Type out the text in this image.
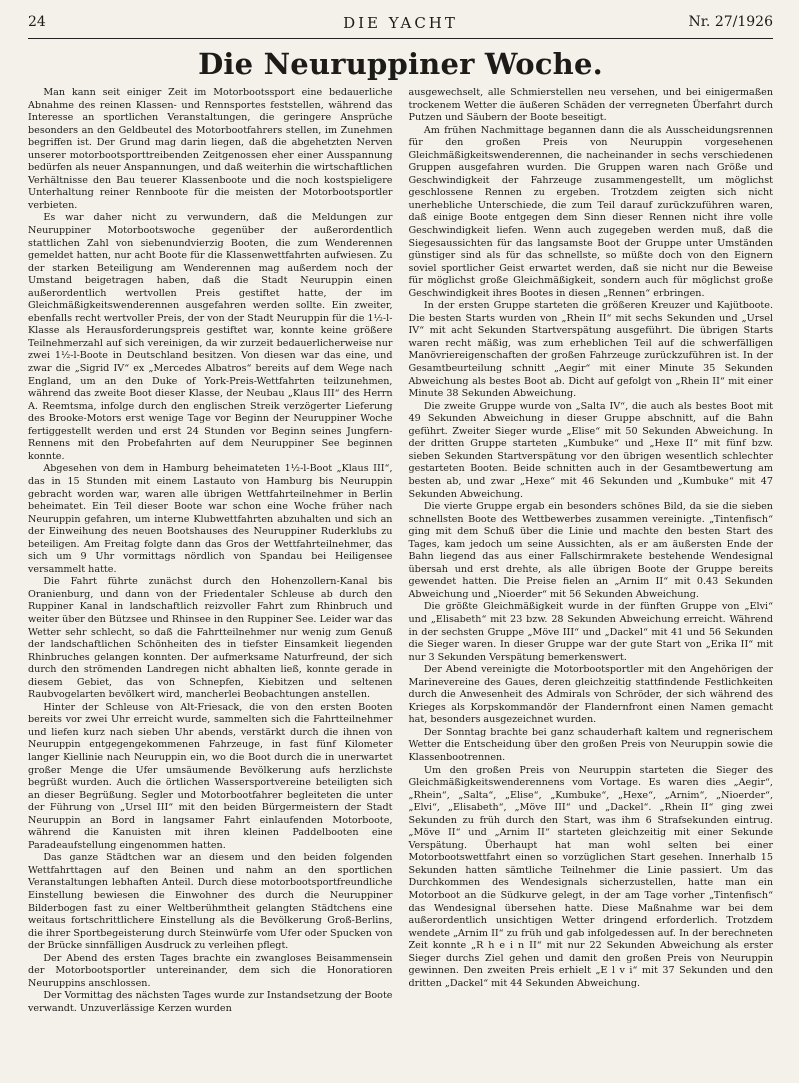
24	DIE YACHT	Nr. 27/1926
Die Neuruppiner Woche.

Man kann seit einiger Zeit im Motorbootssport eine bedauerliche Abnahme des reinen Klassen- und Rennsportes feststellen, während das Interesse an sportlichen Veranstaltungen, die geringere Ansprüche besonders an den Geldbeutel des Motorbootfahrers stellen, im Zunehmen begriffen ist. Der Grund mag darin liegen, daß die abgehetzten Nerven unserer motorbootsporttreibenden Zeitgenossen eher einer Ausspannung bedürfen als neuer Anspannungen, und daß weiterhin die wirtschaftlichen Verhältnisse den Bau teuerer Klassenboote und die noch kostspieligere Unterhaltung reiner Rennboote für die meisten der Motorbootsportler verbieten.

Es war daher nicht zu verwundern, daß die Meldungen zur Neuruppiner Motorbootswoche gegenüber der außerordentlich stattlichen Zahl von siebenundvierzig Booten, die zum Wenderennen gemeldet hatten, nur acht Boote für die Klassenwettfahrten aufwiesen. Zu der starken Beteiligung am Wenderennen mag außerdem noch der Umstand beigetragen haben, daß die Stadt Neuruppin einen außerordentlich wertvollen Preis gestiftet hatte, der im Gleichmäßigkeitswenderennen ausgefahren werden sollte. Ein zweiter, ebenfalls recht wertvoller Preis, der von der Stadt Neuruppin für die 1½-l-Klasse als Herausforderungspreis gestiftet war, konnte keine größere Teilnehmerzahl auf sich vereinigen, da wir zurzeit bedauerlicherweise nur zwei 1½-l-Boote in Deutschland besitzen. Von diesen war das eine, und zwar die „Sigrid IV“ ex „Mercedes Albatros“ bereits auf dem Wege nach England, um an den Duke of York-Preis-Wettfahrten teilzunehmen, während das zweite Boot dieser Klasse, der Neubau „Klaus III“ des Herrn A. Reemtsma, infolge durch den englischen Streik verzögerter Lieferung des Brooke-Motors erst wenige Tage vor Beginn der Neuruppiner Woche fertiggestellt werden und erst 24 Stunden vor Beginn seines Jungfern-Rennens mit den Probefahrten auf dem Neuruppiner See beginnen konnte.

Abgesehen von dem in Hamburg beheimateten 1½-l-Boot „Klaus III“, das in 15 Stunden mit einem Lastauto von Hamburg bis Neuruppin gebracht worden war, waren alle übrigen Wettfahrteilnehmer in Berlin beheimatet. Ein Teil dieser Boote war schon eine Woche früher nach Neuruppin gefahren, um interne Klubwettfahrten abzuhalten und sich an der Einweihung des neuen Bootshauses des Neuruppiner Ruderklubs zu beteiligen. Am Freitag folgte dann das Gros der Wettfahrteilnehmer, das sich um 9 Uhr vormittags nördlich von Spandau bei Heiligensee versammelt hatte.

Die Fahrt führte zunächst durch den Hohenzollern-Kanal bis Oranienburg, und dann von der Friedentaler Schleuse ab durch den Ruppiner Kanal in landschaftlich reizvoller Fahrt zum Rhinbruch und weiter über den Bützsee und Rhinsee in den Ruppiner See. Leider war das Wetter sehr schlecht, so daß die Fahrtteilnehmer nur wenig zum Genuß der landschaftlichen Schönheiten des in tiefster Einsamkeit liegenden Rhinbruches gelangen konnten. Der aufmerksame Naturfreund, der sich durch den strömenden Landregen nicht abhalten ließ, konnte gerade in diesem Gebiet, das von Schnepfen, Kiebitzen und seltenen Raubvogelarten bevölkert wird, mancherlei Beobachtungen anstellen.

Hinter der Schleuse von Alt-Friesack, die von den ersten Booten bereits vor zwei Uhr erreicht wurde, sammelten sich die Fahrtteilnehmer und liefen kurz nach sieben Uhr abends, verstärkt durch die ihnen von Neuruppin entgegengekommenen Fahrzeuge, in fast fünf Kilometer langer Kiellinie nach Neuruppin ein, wo die Boot durch die in unerwartet großer Menge die Ufer umsäumende Bevölkerung aufs herzlichste begrüßt wurden. Auch die örtlichen Wassersportvereine beteiligten sich an dieser Begrüßung. Segler und Motorbootfahrer begleiteten die unter der Führung von „Ursel III“ mit den beiden Bürgermeistern der Stadt Neuruppin an Bord in langsamer Fahrt einlaufenden Motorboote, während die Kanuisten mit ihren kleinen Paddelbooten eine Paradeaufstellung eingenommen hatten.

Das ganze Städtchen war an diesem und den beiden folgenden Wettfahrttagen auf den Beinen und nahm an den sportlichen Veranstaltungen lebhaften Anteil. Durch diese motorbootsportfreundliche Einstellung bewiesen die Einwohner des durch die Neuruppiner Bilderbogen fast zu einer Weltberühmtheit gelangten Städtchens eine weitaus fortschrittlichere Einstellung als die Bevölkerung Groß-Berlins, die ihrer Sportbegeisterung durch Steinwürfe vom Ufer oder Spucken von der Brücke sinnfälligen Ausdruck zu verleihen pflegt.

Der Abend des ersten Tages brachte ein zwangloses Beisammensein der Motorbootsportler untereinander, dem sich die Honoratioren Neuruppins anschlossen.

Der Vormittag des nächsten Tages wurde zur Instandsetzung der Boote verwandt. Unzuverlässige Kerzen wurden

ausgewechselt, alle Schmierstellen neu versehen, und bei einigermaßen trockenem Wetter die äußeren Schäden der verregneten Überfahrt durch Putzen und Säubern der Boote beseitigt.

Am frühen Nachmittage begannen dann die als Ausscheidungsrennen für den großen Preis von Neuruppin vorgesehenen Gleichmäßigkeitswenderennen, die nacheinander in sechs verschiedenen Gruppen ausgefahren wurden. Die Gruppen waren nach Größe und Geschwindigkeit der Fahrzeuge zusammengestellt, um möglichst geschlossene Rennen zu ergeben. Trotzdem zeigten sich nicht unerhebliche Unterschiede, die zum Teil darauf zurückzuführen waren, daß einige Boote entgegen dem Sinn dieser Rennen nicht ihre volle Geschwindigkeit liefen. Wenn auch zugegeben werden muß, daß die Siegesaussichten für das langsamste Boot der Gruppe unter Umständen günstiger sind als für das schnellste, so müßte doch von den Eignern soviel sportlicher Geist erwartet werden, daß sie nicht nur die Beweise für möglichst große Gleichmäßigkeit, sondern auch für möglichst große Geschwindigkeit ihres Bootes in diesen „Rennen“ erbringen.

In der ersten Gruppe starteten die größeren Kreuzer und Kajütboote. Die besten Starts wurden von „Rhein II“ mit sechs Sekunden und „Ursel IV“ mit acht Sekunden Startverspätung ausgeführt. Die übrigen Starts waren recht mäßig, was zum erheblichen Teil auf die schwerfälligen Manövriereigenschaften der großen Fahrzeuge zurückzuführen ist. In der Gesamtbeurteilung schnitt „Aegir“ mit einer Minute 35 Sekunden Abweichung als bestes Boot ab. Dicht auf gefolgt von „Rhein II“ mit einer Minute 38 Sekunden Abweichung.

Die zweite Gruppe wurde von „Salta IV“, die auch als bestes Boot mit 49 Sekunden Abweichung in dieser Gruppe abschnitt, auf die Bahn geführt. Zweiter Sieger wurde „Elise“ mit 50 Sekunden Abweichung. In der dritten Gruppe starteten „Kumbuke“ und „Hexe II“ mit fünf bzw. sieben Sekunden Startverspätung vor den übrigen wesentlich schlechter gestarteten Booten. Beide schnitten auch in der Gesamtbewertung am besten ab, und zwar „Hexe“ mit 46 Sekunden und „Kumbuke“ mit 47 Sekunden Abweichung.

Die vierte Gruppe ergab ein besonders schönes Bild, da sie die sieben schnellsten Boote des Wettbewerbes zusammen vereinigte. „Tintenfisch“ ging mit dem Schuß über die Linie und machte den besten Start des Tages, kam jedoch um seine Aussichten, als er am äußersten Ende der Bahn liegend das aus einer Fallschirmrakete bestehende Wendesignal übersah und erst drehte, als alle übrigen Boote der Gruppe bereits gewendet hatten. Die Preise fielen an „Arnim II“ mit 0.43 Sekunden Abweichung und „Nioerder“ mit 56 Sekunden Abweichung.

Die größte Gleichmäßigkeit wurde in der fünften Gruppe von „Elvi“ und „Elisabeth“ mit 23 bzw. 28 Sekunden Abweichung erreicht. Während in der sechsten Gruppe „Möve III“ und „Dackel“ mit 41 und 56 Sekunden die Sieger waren. In dieser Gruppe war der gute Start von „Erika II“ mit nur 3 Sekunden Verspätung bemerkenswert.

Der Abend vereinigte die Motorbootsportler mit den Angehörigen der Marinevereine des Gaues, deren gleichzeitig stattfindende Festlichkeiten durch die Anwesenheit des Admirals von Schröder, der sich während des Krieges als Korpskommandör der Flandernfront einen Namen gemacht hat, besonders ausgezeichnet wurden.

Der Sonntag brachte bei ganz schauderhaft kaltem und regnerischem Wetter die Entscheidung über den großen Preis von Neuruppin sowie die Klassenbootrennen.

Um den großen Preis von Neuruppin starteten die Sieger des Gleichmäßigkeitswenderennens vom Vortage. Es waren dies „Aegir“, „Rhein“, „Salta“, „Elise“, „Kumbuke“, „Hexe“, „Arnim“, „Nioerder“, „Elvi“, „Elisabeth“, „Möve III“ und „Dackel“. „Rhein II“ ging zwei Sekunden zu früh durch den Start, was ihm 6 Strafsekunden eintrug. „Möve II“ und „Arnim II“ starteten gleichzeitig mit einer Sekunde Verspätung. Überhaupt hat man wohl selten bei einer Motorbootswettfahrt einen so vorzüglichen Start gesehen. Innerhalb 15 Sekunden hatten sämtliche Teilnehmer die Linie passiert. Um das Durchkommen des Wendesignals sicherzustellen, hatte man ein Motorboot an die Südkurve gelegt, in der am Tage vorher „Tintenfisch“ das Wendesignal übersehen hatte. Diese Maßnahme war bei dem außerordentlich unsichtigen Wetter dringend erforderlich. Trotzdem wendete „Arnim II“ zu früh und gab infolgedessen auf. In der berechneten Zeit konnte „R h e i n II“ mit nur 22 Sekunden Abweichung als erster Sieger durchs Ziel gehen und damit den großen Preis von Neuruppin gewinnen. Den zweiten Preis erhielt „E l v i“ mit 37 Sekunden und den dritten „Dackel“ mit 44 Sekunden Abweichung.
